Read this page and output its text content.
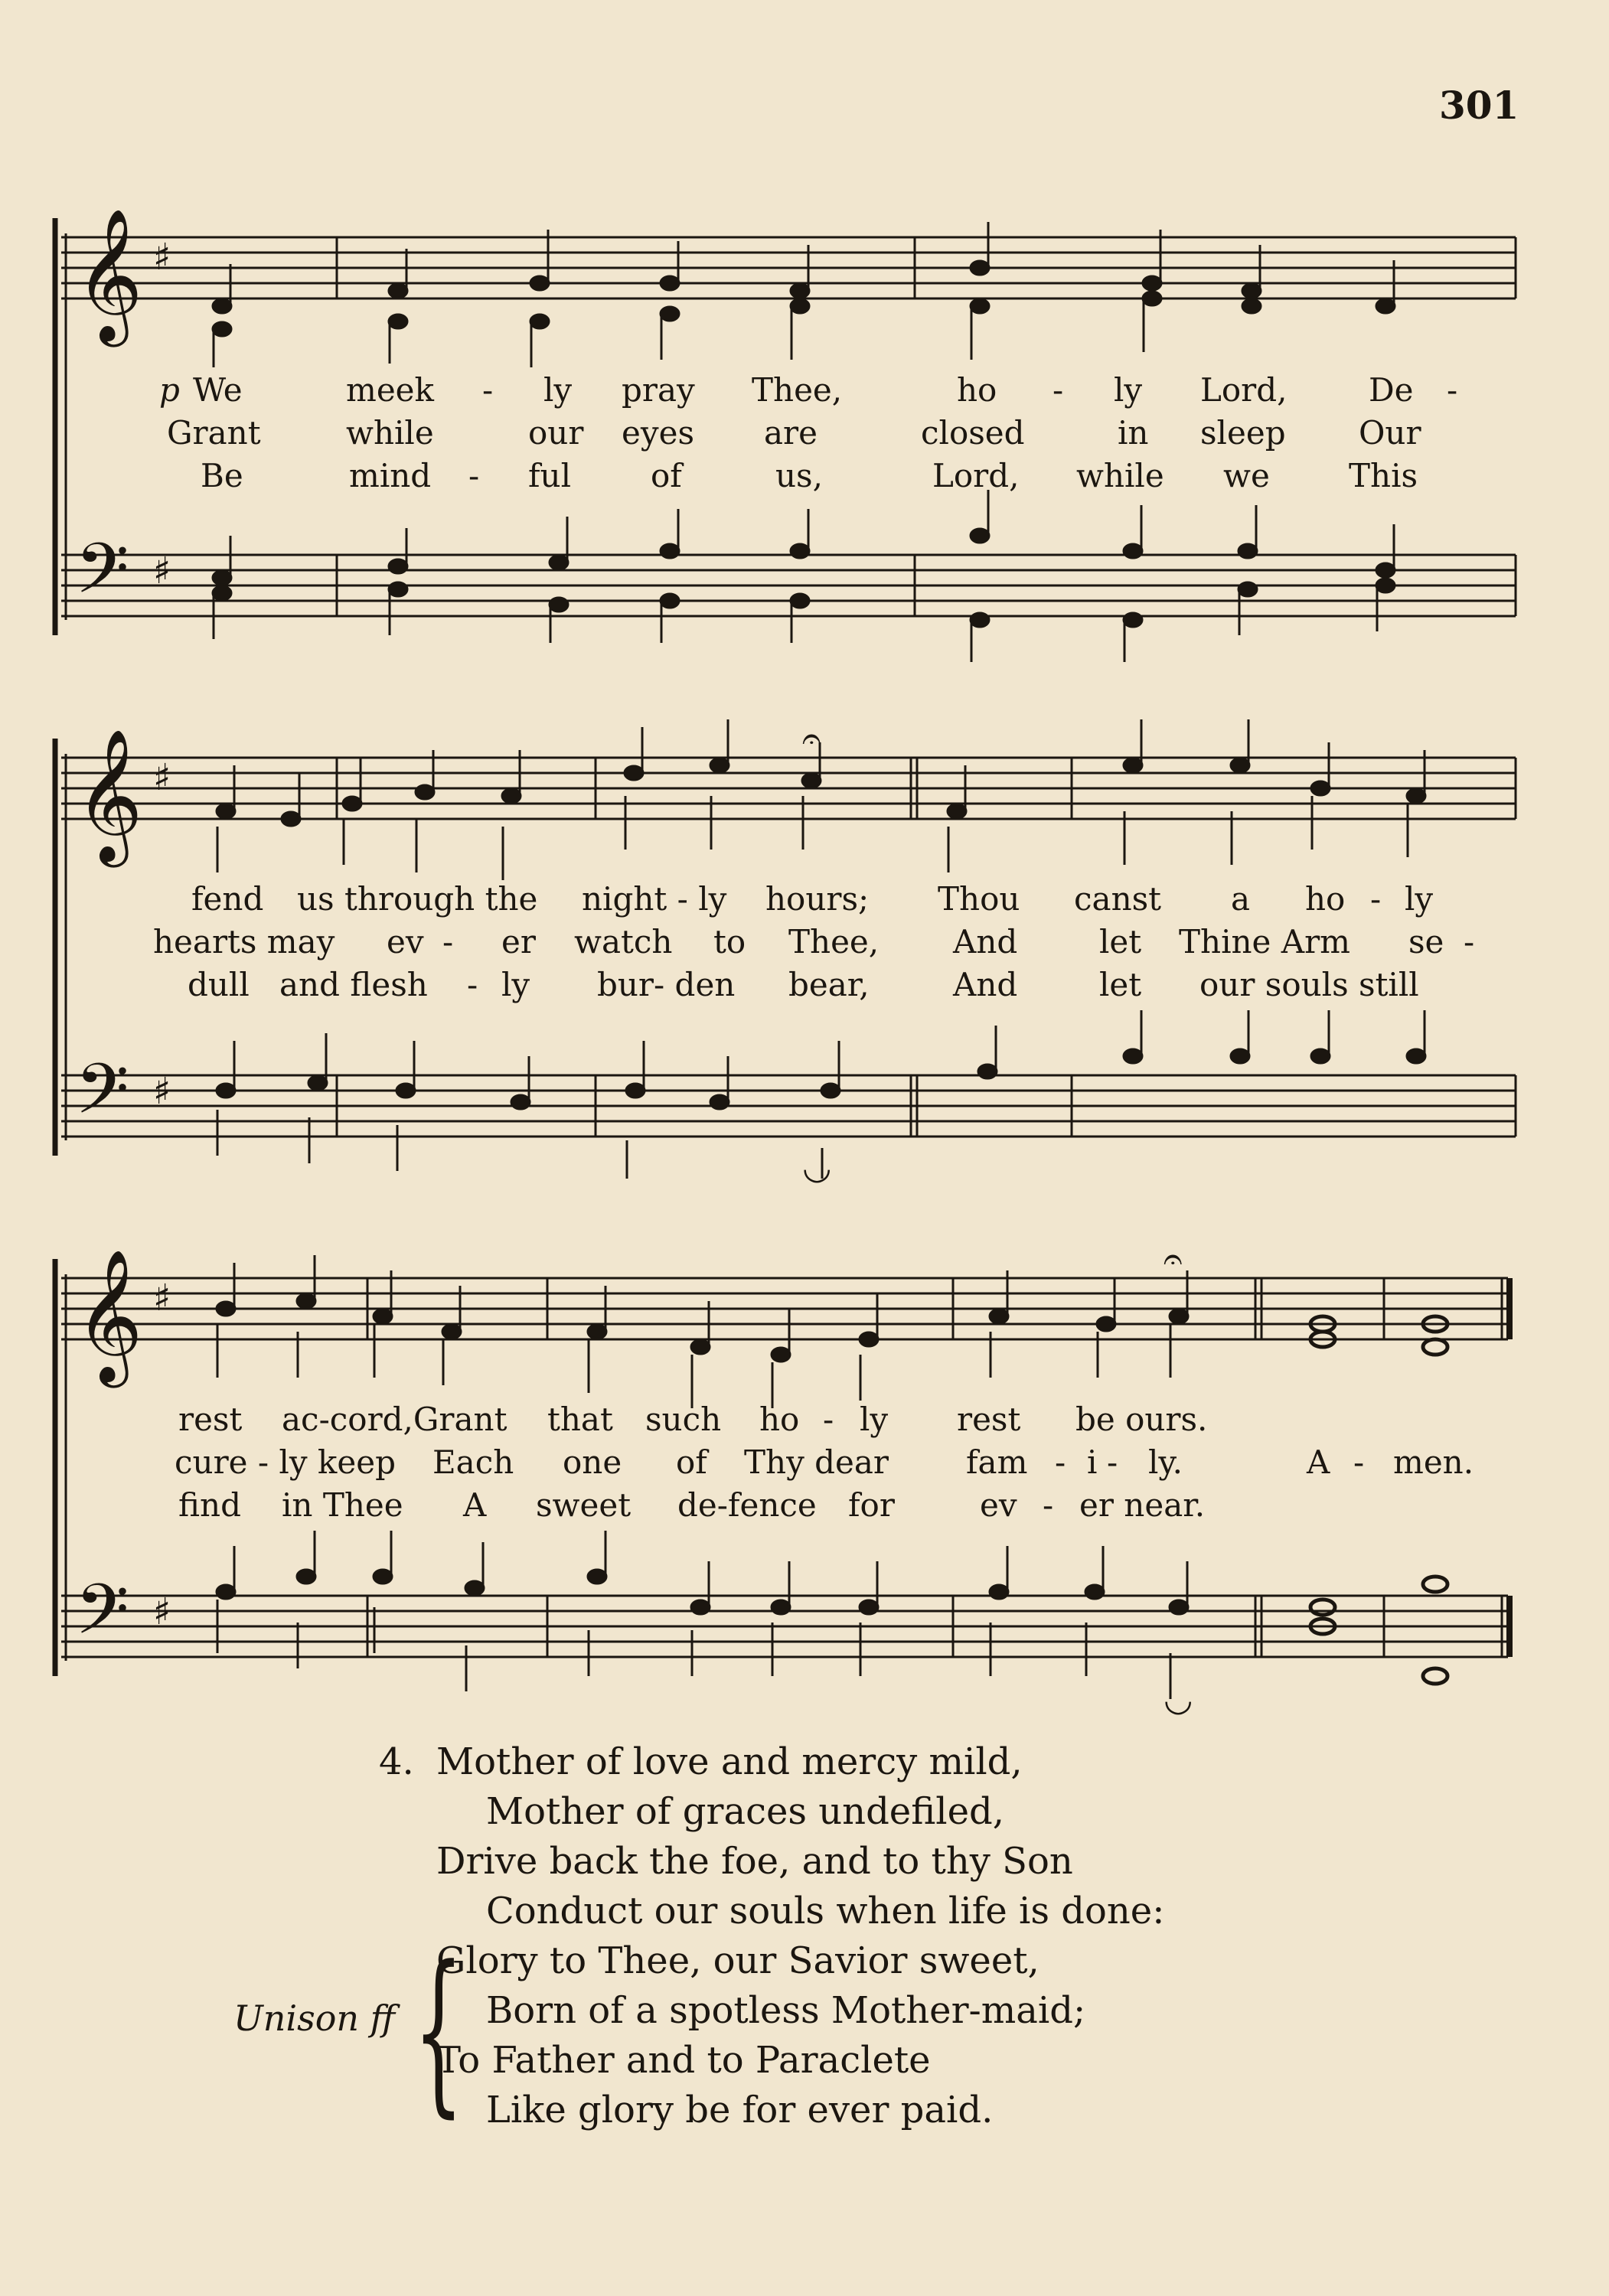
301
𝄞
𝄢
♯
♯
p We	meek - ly pray Thee,	ho - ly Lord,	De -
Grant	while	our eyes are	closed	in sleep Our
Be	mind - ful of	us,	Lord, while we This
𝄞
𝄢
♯
♯
𝄐
◡
fend us through the night - ly hours; Thou canst a ho - ly
hearts may ev - er watch to Thee, And	let Thine Arm se -
dull and flesh - ly bur- den bear,	And	let our souls still
𝄞
𝄢
♯
♯
𝄐
◡
rest ac-cord,Grant that such ho - ly rest be ours.
cure - ly keep Each one of Thy dear fam - i - ly.	A - men.
find in Thee A sweet de-fence for	ev - er near.
4. Mother of love and mercy mild,
Mother of graces undefiled,
Drive back the foe, and to thy Son
Conduct our souls when life is done:
Glory to Thee, our Savior sweet,
Born of a spotless Mother-maid;
To Father and to Paraclete
Like glory be for ever paid.
Unison ff {
